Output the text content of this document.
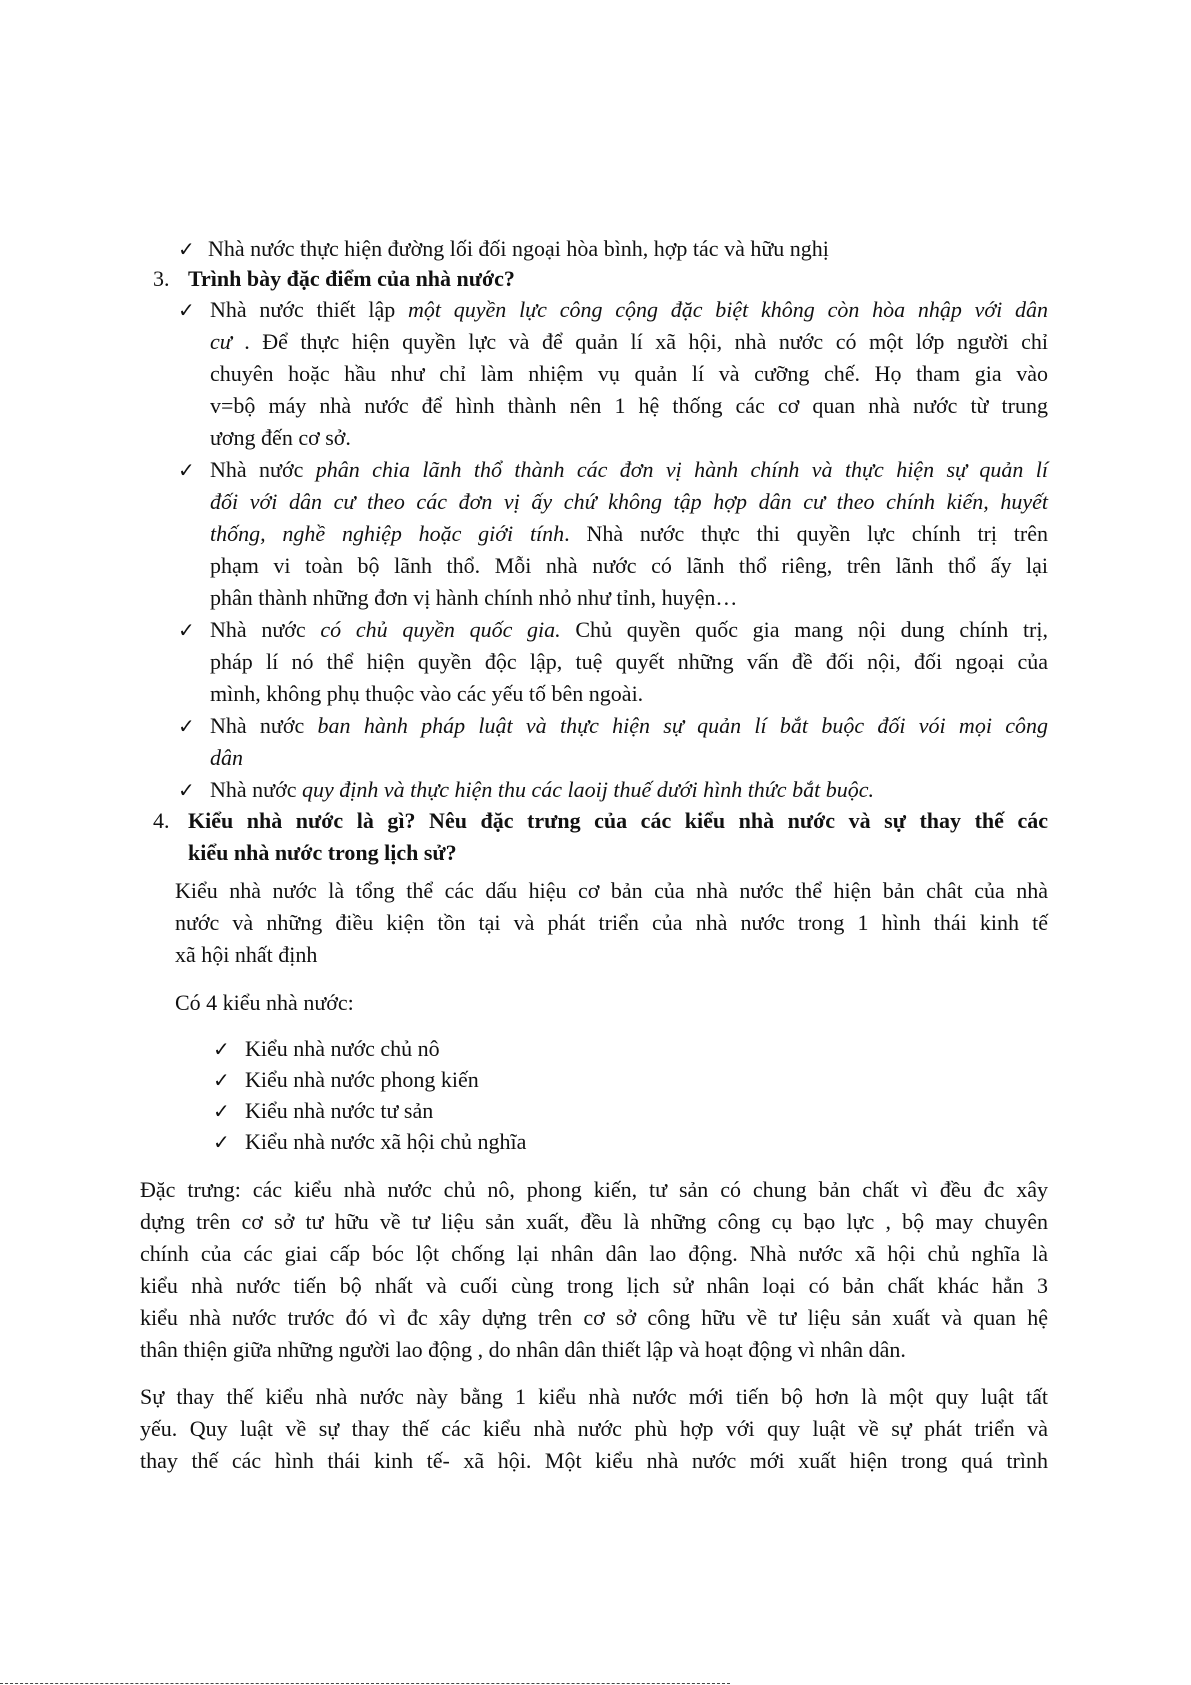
✓ Nhà nước thực hiện đường lối đối ngoại hòa bình, hợp tác và hữu nghị
3. Trình bày đặc điểm của nhà nước?
✓ Nhà nước thiết lập một quyền lực công cộng đặc biệt không còn hòa nhập với dân
cư . Để thực hiện quyền lực và để quản lí xã hội, nhà nước có một lớp người chỉ
chuyên hoặc hầu như chỉ làm nhiệm vụ quản lí và cưỡng chế. Họ tham gia vào
v=bộ máy nhà nước để hình thành nên 1 hệ thống các cơ quan nhà nước từ trung
ương đến cơ sở.
✓ Nhà nước phân chia lãnh thổ thành các đơn vị hành chính và thực hiện sự quản lí
đối với dân cư theo các đơn vị ấy chứ không tập hợp dân cư theo chính kiến, huyết
thống, nghề nghiệp hoặc giới tính. Nhà nước thực thi quyền lực chính trị trên
phạm vi toàn bộ lãnh thổ. Mỗi nhà nước có lãnh thổ riêng, trên lãnh thổ ấy lại
phân thành những đơn vị hành chính nhỏ như tỉnh, huyện…
✓ Nhà nước có chủ quyền quốc gia. Chủ quyền quốc gia mang nội dung chính trị,
pháp lí nó thể hiện quyền độc lập, tuệ quyết những vấn đề đối nội, đối ngoại của
mình, không phụ thuộc vào các yếu tố bên ngoài.
✓ Nhà nước ban hành pháp luật và thực hiện sự quản lí bắt buộc đối vói mọi công
dân
✓ Nhà nước quy định và thực hiện thu các laoij thuế dưới hình thức bắt buộc.
4. Kiểu nhà nước là gì? Nêu đặc trưng của các kiểu nhà nước và sự thay thế các
kiểu nhà nước trong lịch sử?
Kiểu nhà nước là tổng thể các dấu hiệu cơ bản của nhà nước thể hiện bản chât của nhà
nước và những điều kiện tồn tại và phát triển của nhà nước trong 1 hình thái kinh tế
xã hội nhất định
Có 4 kiểu nhà nước:
✓ Kiểu nhà nước chủ nô
✓ Kiểu nhà nước phong kiến
✓ Kiểu nhà nước tư sản
✓ Kiểu nhà nước xã hội chủ nghĩa
Đặc trưng: các kiểu nhà nước chủ nô, phong kiến, tư sản có chung bản chất vì đều đc xây
dựng trên cơ sở tư hữu về tư liệu sản xuất, đều là những công cụ bạo lực , bộ may chuyên
chính của các giai cấp bóc lột chống lại nhân dân lao động. Nhà nước xã hội chủ nghĩa là
kiểu nhà nước tiến bộ nhất và cuối cùng trong lịch sử nhân loại có bản chất khác hẳn 3
kiểu nhà nước trước đó vì đc xây dựng trên cơ sở công hữu về tư liệu sản xuất và quan hệ
thân thiện giữa những người lao động , do nhân dân thiết lập và hoạt động vì nhân dân.
Sự thay thế kiểu nhà nước này bằng 1 kiểu nhà nước mới tiến bộ hơn là một quy luật tất
yếu. Quy luật về sự thay thế các kiểu nhà nước phù hợp với quy luật về sự phát triển và
thay thế các hình thái kinh tế- xã hội. Một kiểu nhà nước mới xuất hiện trong quá trình
